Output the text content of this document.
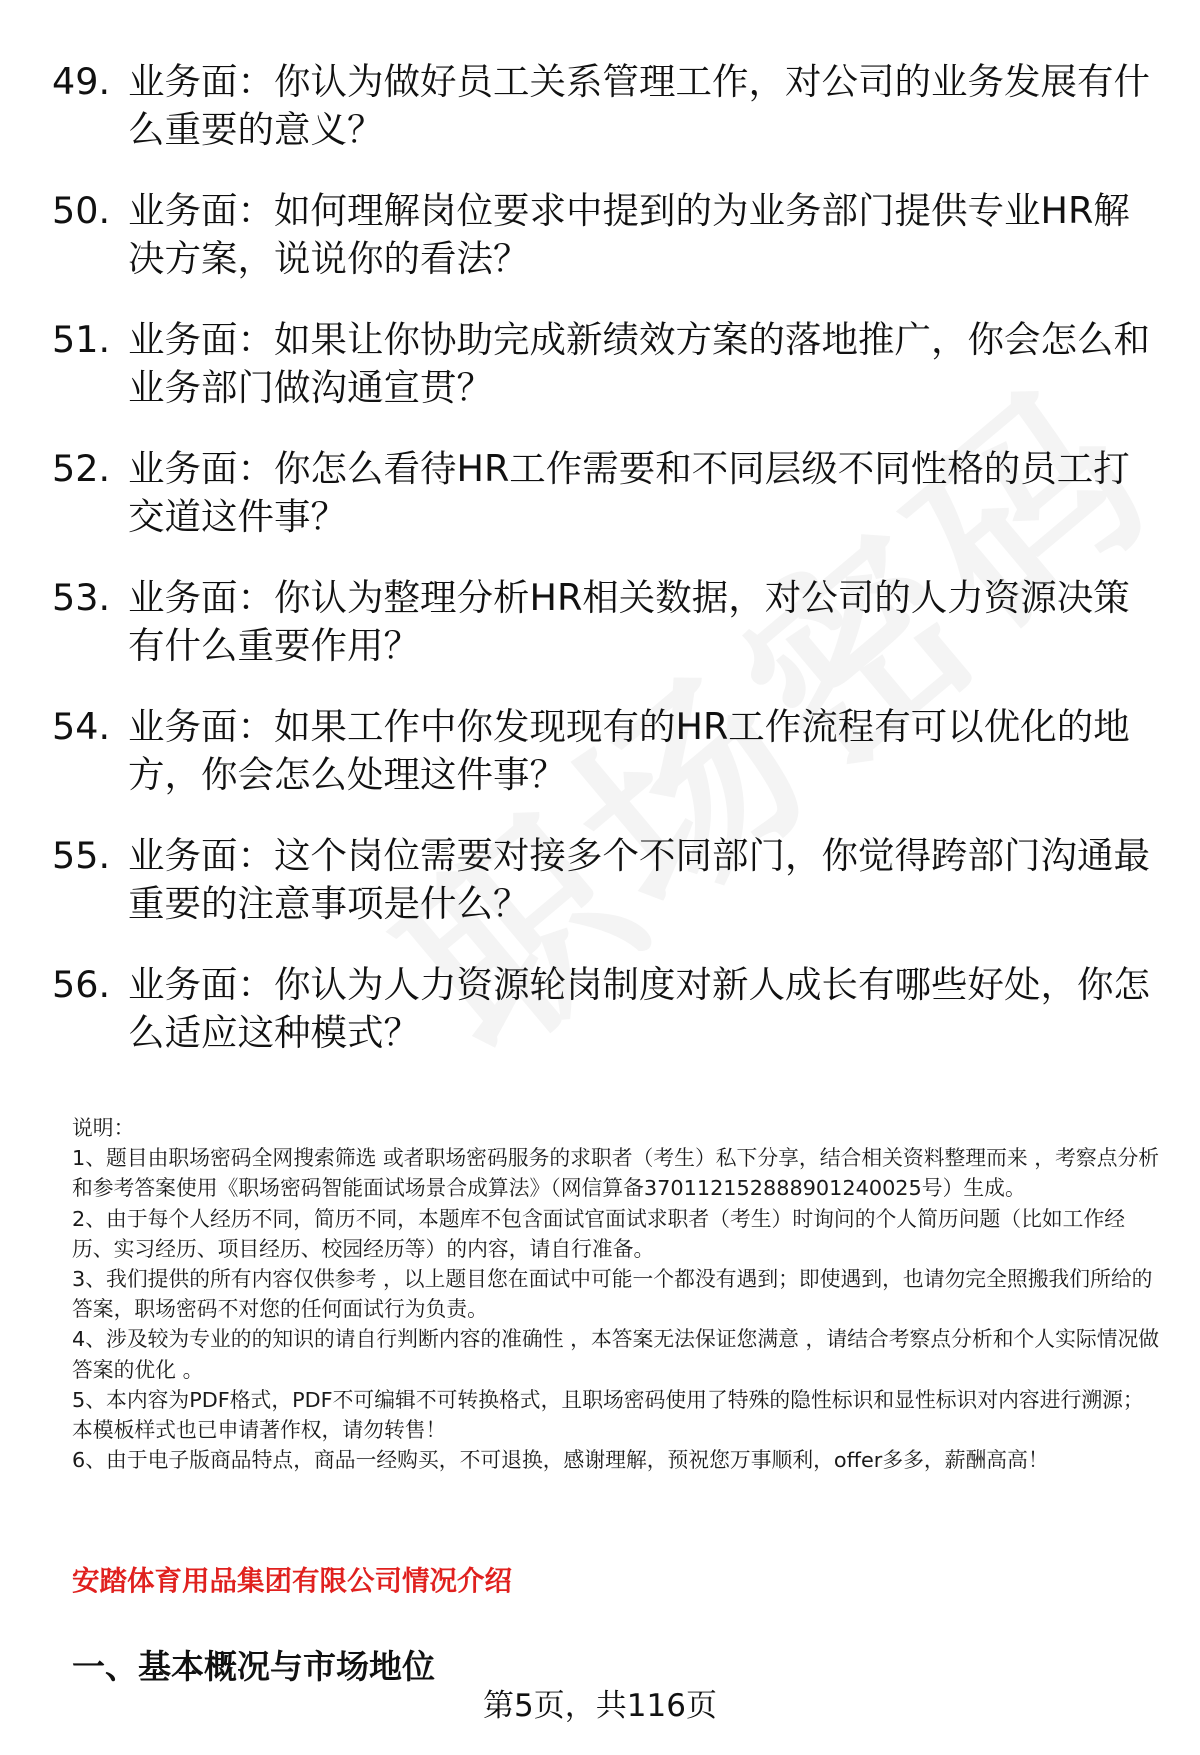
49. 业务面：你认为做好员工关系管理工作，对公司的业务发展有什么重要的意义？
50. 业务面：如何理解岗位要求中提到的为业务部门提供专业HR解决方案，说说你的看法？
51. 业务面：如果让你协助完成新绩效方案的落地推广，你会怎么和业务部门做沟通宣贯？
52. 业务面：你怎么看待HR工作需要和不同层级不同性格的员工打交道这件事？
53. 业务面：你认为整理分析HR相关数据，对公司的人力资源决策有什么重要作用？
54. 业务面：如果工作中你发现现有的HR工作流程有可以优化的地方，你会怎么处理这件事？
55. 业务面：这个岗位需要对接多个不同部门，你觉得跨部门沟通最重要的注意事项是什么？
56. 业务面：你认为人力资源轮岗制度对新人成长有哪些好处，你怎么适应这种模式？
说明：
1、题目由职场密码全网搜索筛选 或者职场密码服务的求职者（考生）私下分享，结合相关资料整理而来 ，考察点分析和参考答案使用《职场密码智能面试场景合成算法》（网信算备370112152888901240025号）生成。
2、由于每个人经历不同，简历不同，本题库不包含面试官面试求职者（考生）时询问的个人简历问题（比如工作经历、实习经历、项目经历、校园经历等）的内容，请自行准备。
3、我们提供的所有内容仅供参考 ，以上题目您在面试中可能一个都没有遇到；即使遇到，也请勿完全照搬我们所给的答案，职场密码不对您的任何面试行为负责。
4、涉及较为专业的的知识的请自行判断内容的准确性 ，本答案无法保证您满意 ，请结合考察点分析和个人实际情况做答案的优化 。
5、本内容为PDF格式，PDF不可编辑不可转换格式，且职场密码使用了特殊的隐性标识和显性标识对内容进行溯源；本模板样式也已申请著作权，请勿转售！
6、由于电子版商品特点，商品一经购买，不可退换，感谢理解，预祝您万事顺利，offer多多，薪酬高高！
安踏体育用品集团有限公司情况介绍
一、基本概况与市场地位
第5页，共116页
